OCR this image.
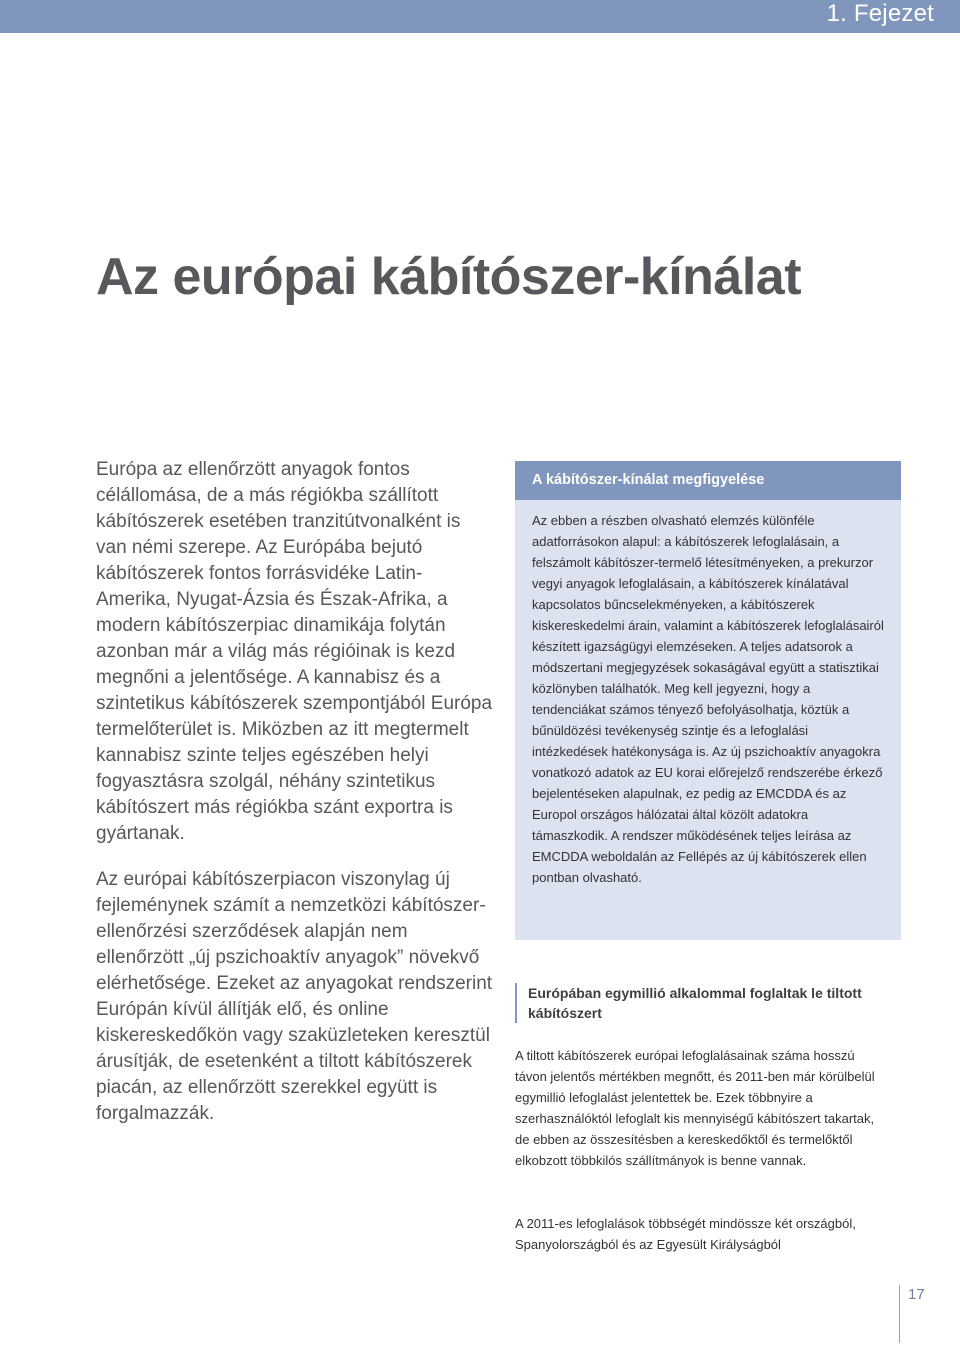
1. Fejezet
Az európai kábítószer-kínálat

Európa az ellenőrzött anyagok fontos célállomása, de a más régiókba szállított kábítószerek esetében tranzitútvonalként is van némi szerepe. Az Európába bejutó kábítószerek fontos forrásvidéke Latin-Amerika, Nyugat-Ázsia és Észak-Afrika, a modern kábítószerpiac dinamikája folytán azonban már a világ más régióinak is kezd megnőni a jelentősége. A kannabisz és a szintetikus kábítószerek szempontjából Európa termelőterület is. Miközben az itt megtermelt kannabisz szinte teljes egészében helyi fogyasztásra szolgál, néhány szintetikus kábítószert más régiókba szánt exportra is gyártanak.

Az európai kábítószerpiacon viszonylag új fejleménynek számít a nemzetközi kábítószer-ellenőrzési szerződések alapján nem ellenőrzött „új pszichoaktív anyagok” növekvő elérhetősége. Ezeket az anyagokat rendszerint Európán kívül állítják elő, és online kiskereskedőkön vagy szaküzleteken keresztül árusítják, de esetenként a tiltott kábítószerek piacán, az ellenőrzött szerekkel együtt is forgalmazzák.

A kábítószer-kínálat megfigyelése

Az ebben a részben olvasható elemzés különféle adatforrásokon alapul: a kábítószerek lefoglalásain, a felszámolt kábítószer-termelő létesítményeken, a prekurzor vegyi anyagok lefoglalásain, a kábítószerek kínálatával kapcsolatos bűncselekményeken, a kábítószerek kiskereskedelmi árain, valamint a kábítószerek lefoglalásairól készített igazságügyi elemzéseken. A teljes adatsorok a módszertani megjegyzések sokaságával együtt a statisztikai közlönyben találhatók. Meg kell jegyezni, hogy a tendenciákat számos tényező befolyásolhatja, köztük a bűnüldözési tevékenység szintje és a lefoglalási intézkedések hatékonysága is. Az új pszichoaktív anyagokra vonatkozó adatok az EU korai előrejelző rendszerébe érkező bejelentéseken alapulnak, ez pedig az EMCDDA és az Europol országos hálózatai által közölt adatokra támaszkodik. A rendszer működésének teljes leírása az EMCDDA weboldalán az Fellépés az új kábítószerek ellen pontban olvasható.

Európában egymillió alkalommal foglaltak le tiltott kábítószert

A tiltott kábítószerek európai lefoglalásainak száma hosszú távon jelentős mértékben megnőtt, és 2011-ben már körülbelül egymillió lefoglalást jelentettek be. Ezek többnyire a szerhasználóktól lefoglalt kis mennyiségű kábítószert takartak, de ebben az összesítésben a kereskedőktől és termelőktől elkobzott többkilós szállítmányok is benne vannak.

A 2011-es lefoglalások többségét mindössze két országból, Spanyolországból és az Egyesült Királyságból

17
